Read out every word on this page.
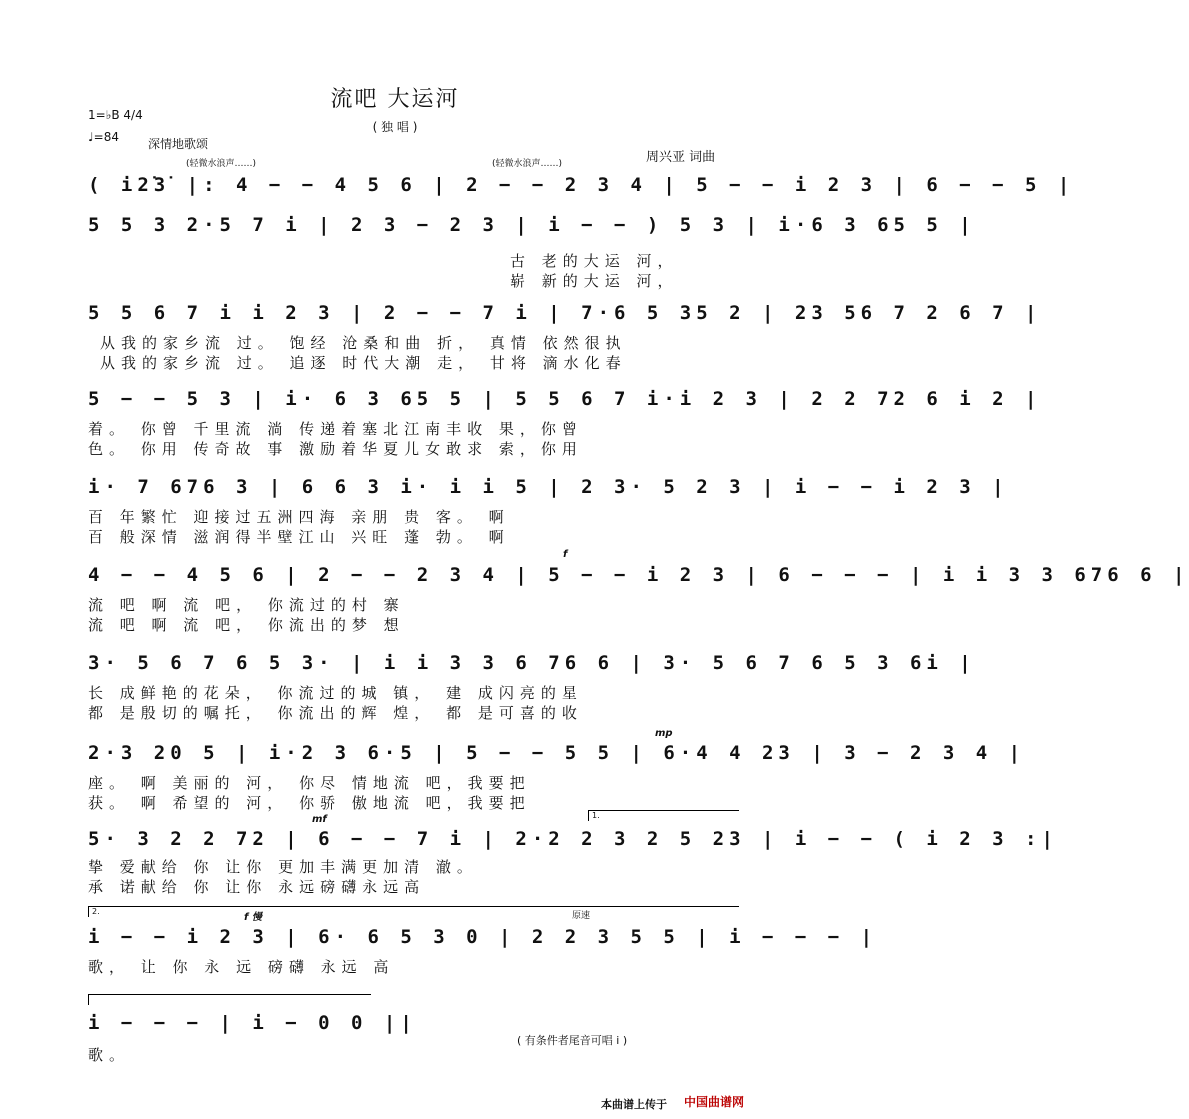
流吧 大运河
( 独 唱 )
1=♭B 4/4
♩=84 深情地歌颂
周兴亚 词曲
(轻微水浪声……)	(轻微水浪声……)
( i2̇3̇ |: 4 − − 4 5 6 | 2 − − 2 3 4 | 5 − − i 2 3 | 6 − − 5 |
5 5 3 2·5 7 i | 2 3 − 2 3 | i − − ) 5 3 | i·6 3 65 5 |
古 老的大运 河，
崭 新的大运 河，
5 5 6 7 i i 2 3 | 2 − − 7 i | 7·6 5 35 2 | 23 56 7 2 6 7 |
从我的家乡流 过。 饱经 沧桑和曲 折， 真情 依然很执
从我的家乡流 过。 追逐 时代大潮 走， 甘将 滴水化春
5 − − 5 3 | i· 6 3 65 5 | 5 5 6 7 i·i 2 3 | 2 2 72 6 i 2 |
着。 你曾 千里流 淌 传递着塞北江南丰收 果，你曾
色。 你用 传奇故 事 激励着华夏儿女敢求 索，你用
i· 7 676 3 | 6 6 3 i· i i 5 | 2 3· 5 2 3 | i − − i 2 3 |
百 年繁忙 迎接过五洲四海 亲朋 贵 客。 啊
百 般深情 滋润得半壁江山 兴旺 蓬 勃。 啊
f
4 − − 4 5 6 | 2 − − 2 3 4 | 5 − − i 2 3 | 6 − − − | i i 3 3 676 6 |
流 吧 啊 流 吧， 你流过的村 寨
流 吧 啊 流 吧， 你流出的梦 想
3· 5 6 7 6 5 3· | i i 3 3 6 76 6 | 3· 5 6 7 6 5 3 6i |
长 成鲜艳的花朵， 你流过的城 镇， 建 成闪亮的星
都 是殷切的嘱托， 你流出的辉 煌， 都 是可喜的收
mp
2·3 20 5 | i·2 3 6·5 | 5 − − 5 5 | 6·4 4 23 | 3 − 2 3 4 |
座。 啊 美丽的 河， 你尽 情地流 吧，我要把
获。 啊 希望的 河， 你骄 傲地流 吧，我要把
1.
mf
5· 3 2 2 72 | 6 − − 7 i | 2·2 2 3 2 5 23 | i − − ( i 2 3 :|
挚 爱献给 你 让你 更加丰满更加清 澈。
承 诺献给 你 让你 永远磅礴永远高
2.
f 慢	原速
i − − i 2 3 | 6· 6 5 3 0 | 2 2 3 5 5 | i − − − |
歌， 让 你 永 远 磅礴 永远 高
i − − − | i − 0 0 ||
歌。
( 有条件者尾音可唱 i )
本曲谱上传于 中国曲谱网
